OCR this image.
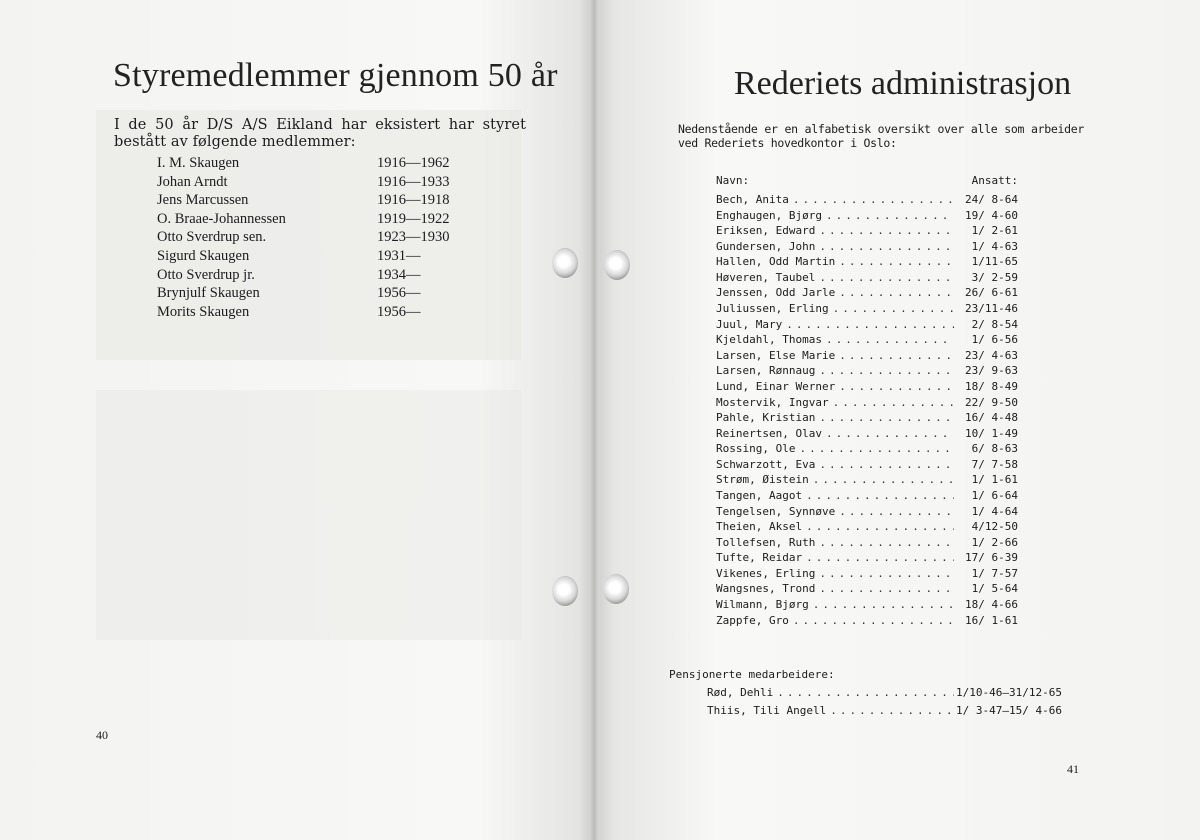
Styremedlemmer gjennom 50 år

I de 50 år D/S A/S Eikland har eksistert har styret bestått av følgende medlemmer:

I. M. Skaugen	1916—1962
Johan Arndt	1916—1933
Jens Marcussen	1916—1918
O. Braae-Johannessen	1919—1922
Otto Sverdrup sen.	1923—1930
Sigurd Skaugen	1931—
Otto Sverdrup jr.	1934—
Brynjulf Skaugen	1956—
Morits Skaugen	1956—
40
Rederiets administrasjon

Nedenstående er en alfabetisk oversikt over alle som arbeider ved Rederiets hovedkontor i Oslo:

Navn:	Ansatt:
Bech, Anita . . .	24/ 8-64
Enghaugen, Bjørg . . .	19/ 4-60
Eriksen, Edward . . .	1/ 2-61
Gundersen, John . . .	1/ 4-63
Hallen, Odd Martin . . .	1/11-65
Høveren, Taubel . . .	3/ 2-59
Jenssen, Odd Jarle . . .	26/ 6-61
Juliussen, Erling . . .	23/11-46
Juul, Mary . . .	2/ 8-54
Kjeldahl, Thomas . . .	1/ 6-56
Larsen, Else Marie . . .	23/ 4-63
Larsen, Rønnaug . . .	23/ 9-63
Lund, Einar Werner . . .	18/ 8-49
Mostervik, Ingvar . . .	22/ 9-50
Pahle, Kristian . . .	16/ 4-48
Reinertsen, Olav . . .	10/ 1-49
Rossing, Ole . . .	6/ 8-63
Schwarzott, Eva . . .	7/ 7-58
Strøm, Øistein . . .	1/ 1-61
Tangen, Aagot . . .	1/ 6-64
Tengelsen, Synnøve . . .	1/ 4-64
Theien, Aksel . . .	4/12-50
Tollefsen, Ruth . . .	1/ 2-66
Tufte, Reidar . . .	17/ 6-39
Vikenes, Erling . . .	1/ 7-57
Wangsnes, Trond . . .	1/ 5-64
Wilmann, Bjørg . . .	18/ 4-66
Zappfe, Gro . . .	16/ 1-61
Pensjonerte medarbeidere:
Rød, Dehli . . .	1/10-46—31/12-65
Thiis, Tili Angell . . .	1/ 3-47—15/ 4-66
41
